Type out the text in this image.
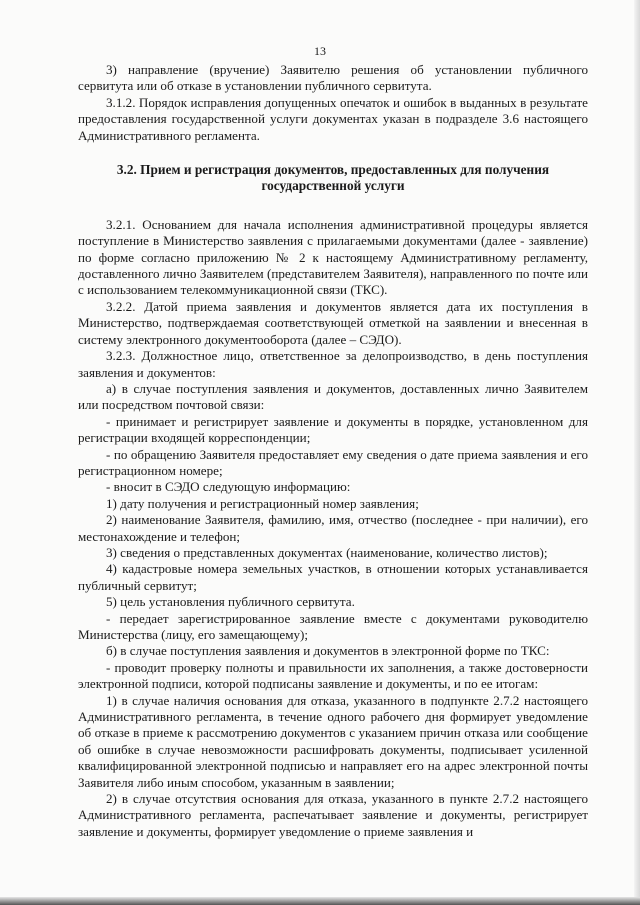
13

3) направление (вручение) Заявителю решения об установлении публичного сервитута или об отказе в установлении публичного сервитута.

3.1.2. Порядок исправления допущенных опечаток и ошибок в выданных в результате предоставления государственной услуги документах указан в подразделе 3.6 настоящего Административного регламента.

3.2. Прием и регистрация документов, предоставленных для получения государственной услуги

3.2.1. Основанием для начала исполнения административной процедуры является поступление в Министерство заявления с прилагаемыми документами (далее - заявление) по форме согласно приложению № 2 к настоящему Административному регламенту, доставленного лично Заявителем (представителем Заявителя), направленного по почте или с использованием телекоммуникационной связи (ТКС).

3.2.2. Датой приема заявления и документов является дата их поступления в Министерство, подтверждаемая соответствующей отметкой на заявлении и внесенная в систему электронного документооборота (далее – СЭДО).

3.2.3. Должностное лицо, ответственное за делопроизводство, в день поступления заявления и документов:

а) в случае поступления заявления и документов, доставленных лично Заявителем или посредством почтовой связи:

- принимает и регистрирует заявление и документы в порядке, установленном для регистрации входящей корреспонденции;

- по обращению Заявителя предоставляет ему сведения о дате приема заявления и его регистрационном номере;

- вносит в СЭДО следующую информацию:

1) дату получения и регистрационный номер заявления;

2) наименование Заявителя, фамилию, имя, отчество (последнее - при наличии), его местонахождение и телефон;

3) сведения о представленных документах (наименование, количество листов);

4) кадастровые номера земельных участков, в отношении которых устанавливается публичный сервитут;

5) цель установления публичного сервитута.

- передает зарегистрированное заявление вместе с документами руководителю Министерства (лицу, его замещающему);

б) в случае поступления заявления и документов в электронной форме по ТКС:

- проводит проверку полноты и правильности их заполнения, а также достоверности электронной подписи, которой подписаны заявление и документы, и по ее итогам:

1) в случае наличия основания для отказа, указанного в подпункте 2.7.2 настоящего Административного регламента, в течение одного рабочего дня формирует уведомление об отказе в приеме к рассмотрению документов с указанием причин отказа или сообщение об ошибке в случае невозможности расшифровать документы, подписывает усиленной квалифицированной электронной подписью и направляет его на адрес электронной почты Заявителя либо иным способом, указанным в заявлении;

2) в случае отсутствия основания для отказа, указанного в пункте 2.7.2 настоящего Административного регламента, распечатывает заявление и документы, регистрирует заявление и документы, формирует уведомление о приеме заявления и
